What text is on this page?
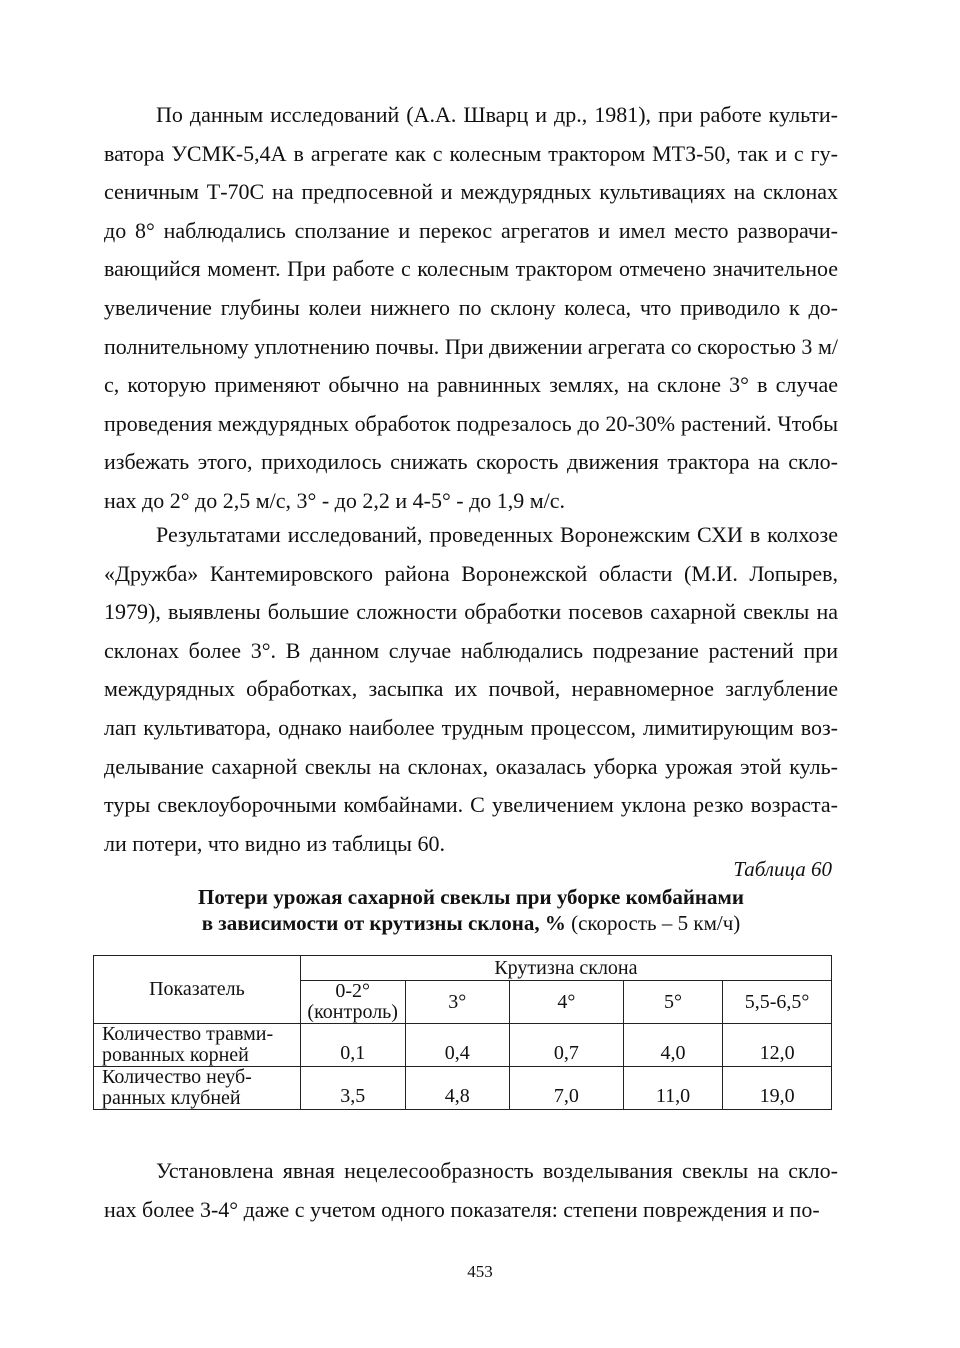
По данным исследований (А.А. Шварц и др., 1981), при работе культиватора УСМК-5,4А в агрегате как с колесным трактором МТЗ-50, так и с гусеничным Т-70С на предпосевной и междурядных культивациях на склонах до 8° наблюдались сползание и перекос агрегатов и имел место разворачивающийся момент. При работе с колесным трактором отмечено значительное увеличение глубины колеи нижнего по склону колеса, что приводило к дополнительному уплотнению почвы. При движении агрегата со скоростью 3 м/с, которую применяют обычно на равнинных землях, на склоне 3° в случае проведения междурядных обработок подрезалось до 20-30% растений. Чтобы избежать этого, приходилось снижать скорость движения трактора на склонах до 2° до 2,5 м/с, 3° - до 2,2 и 4-5° - до 1,9 м/с.

Результатами исследований, проведенных Воронежским СХИ в колхозе «Дружба» Кантемировского района Воронежской области (М.И. Лопырев, 1979), выявлены большие сложности обработки посевов сахарной свеклы на склонах более 3°. В данном случае наблюдались подрезание растений при междурядных обработках, засыпка их почвой, неравномерное заглубление лап культиватора, однако наиболее трудным процессом, лимитирующим возделывание сахарной свеклы на склонах, оказалась уборка урожая этой культуры свеклоуборочными комбайнами. С увеличением уклона резко возрастали потери, что видно из таблицы 60.

Таблица 60
Потери урожая сахарной свеклы при уборке комбайнами
в зависимости от крутизны склона, % (скорость – 5 км/ч)
Показатель	Крутизна склона				
	0-2° (контроль)	3°	4°	5°	5,5-6,5°
Количество травмированных корней	0,1	0,4	0,7	4,0	12,0
Количество неубранных клубней	3,5	4,8	7,0	11,0	19,0

Установлена явная нецелесообразность возделывания свеклы на склонах более 3-4° даже с учетом одного показателя: степени повреждения и по-

453
